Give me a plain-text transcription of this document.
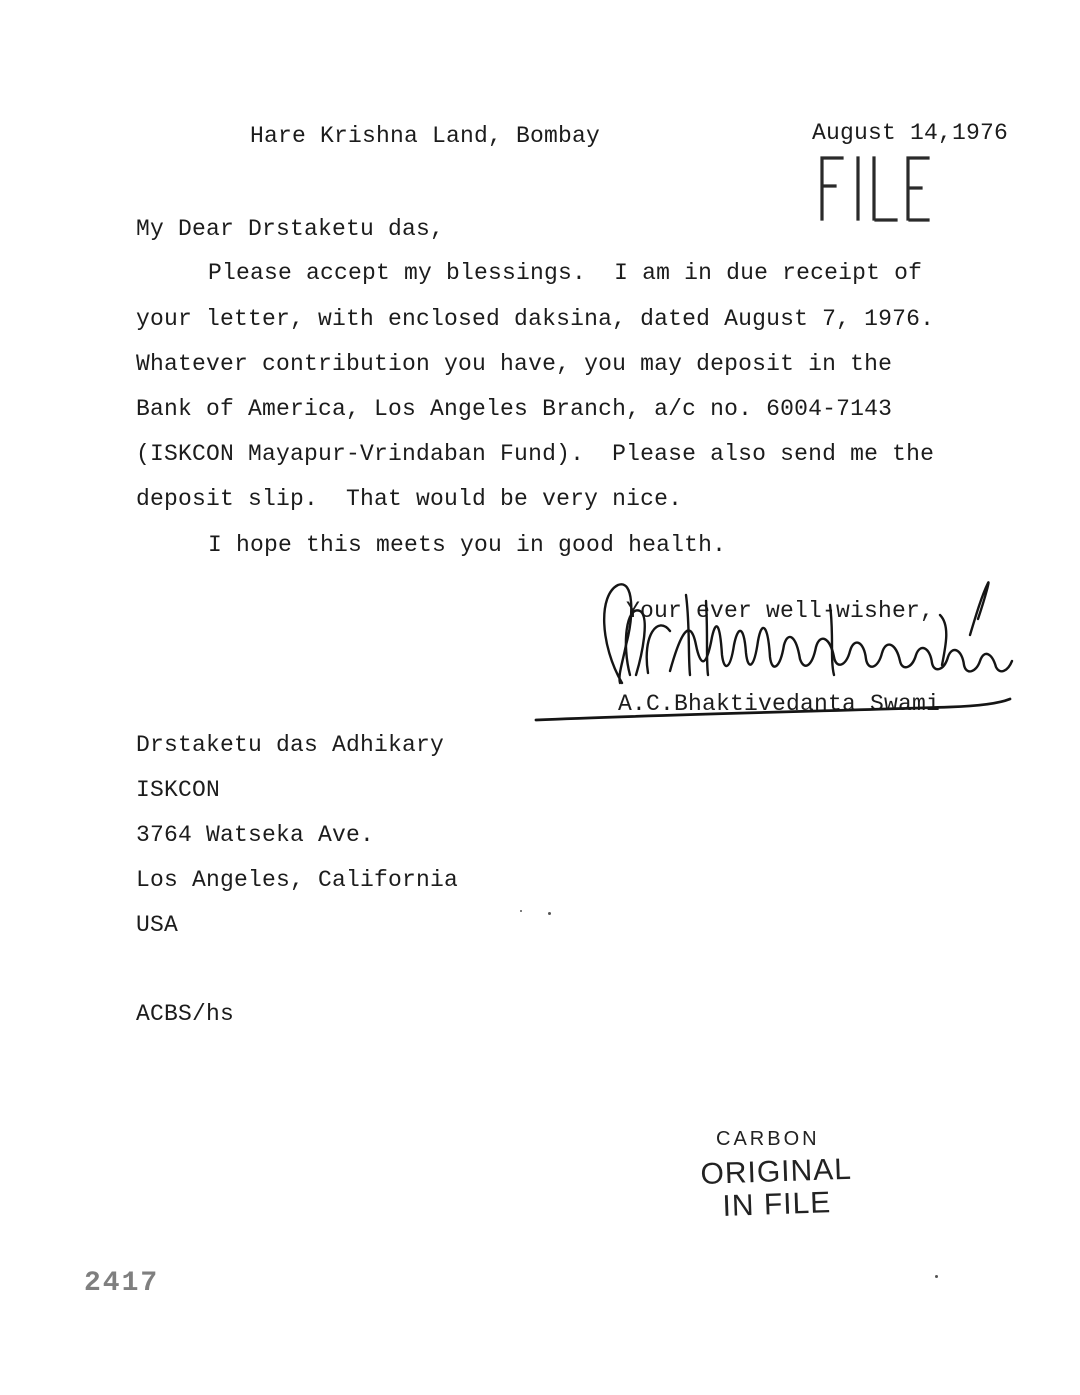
Hare Krishna Land, Bombay	August 14,1976
My Dear Drstaketu das,
Please accept my blessings.  I am in due receipt of
your letter, with enclosed daksina, dated August 7, 1976.
Whatever contribution you have, you may deposit in the
Bank of America, Los Angeles Branch, a/c no. 6004-7143
(ISKCON Mayapur-Vrindaban Fund).  Please also send me the
deposit slip.  That would be very nice.
I hope this meets you in good health.
Your ever well-wisher,
A.C.Bhaktivedanta Swami
Drstaketu das Adhikary
ISKCON
3764 Watseka Ave.
Los Angeles, California
USA
ACBS/hs
CARBON
ORIGINAL
IN FILE
2417
